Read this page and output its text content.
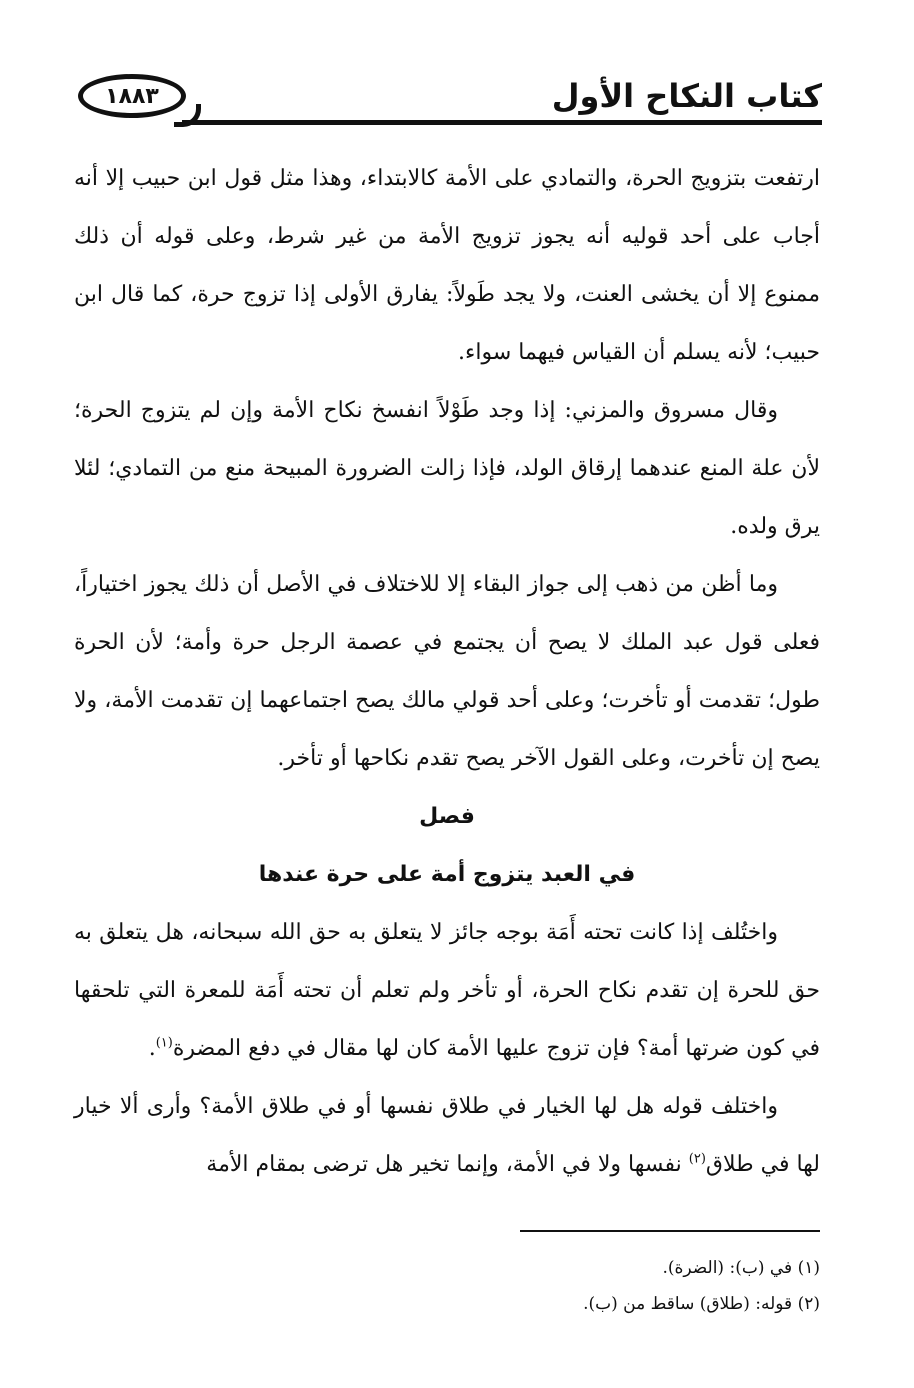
كتاب النكاح الأول
١٨٨٣

ارتفعت بتزويج الحرة، والتمادي على الأمة كالابتداء، وهذا مثل قول ابن حبيب إلا أنه أجاب على أحد قوليه أنه يجوز تزويج الأمة من غير شرط، وعلى قوله أن ذلك ممنوع إلا أن يخشى العنت، ولا يجد طَولاً: يفارق الأولى إذا تزوج حرة، كما قال ابن حبيب؛ لأنه يسلم أن القياس فيهما سواء.

وقال مسروق والمزني: إذا وجد طَوْلاً انفسخ نكاح الأمة وإن لم يتزوج الحرة؛ لأن علة المنع عندهما إرقاق الولد، فإذا زالت الضرورة المبيحة منع من التمادي؛ لئلا يرق ولده.

وما أظن من ذهب إلى جواز البقاء إلا للاختلاف في الأصل أن ذلك يجوز اختياراً، فعلى قول عبد الملك لا يصح أن يجتمع في عصمة الرجل حرة وأمة؛ لأن الحرة طول؛ تقدمت أو تأخرت؛ وعلى أحد قولي مالك يصح اجتماعهما إن تقدمت الأمة، ولا يصح إن تأخرت، وعلى القول الآخر يصح تقدم نكاحها أو تأخر.

فصل

في العبد يتزوج أمة على حرة عندها

واختُلف إذا كانت تحته أَمَة بوجه جائز لا يتعلق به حق الله سبحانه، هل يتعلق به حق للحرة إن تقدم نكاح الحرة، أو تأخر ولم تعلم أن تحته أَمَة للمعرة التي تلحقها في كون ضرتها أمة؟ فإن تزوج عليها الأمة كان لها مقال في دفع المضرة$^{(١)}$.

واختلف قوله هل لها الخيار في طلاق نفسها أو في طلاق الأمة؟ وأرى ألا خيار لها في طلاق$^{(٢)}$ نفسها ولا في الأمة، وإنما تخير هل ترضى بمقام الأمة

(١) في (ب): (الضرة).

(٢) قوله: (طلاق) ساقط من (ب).
